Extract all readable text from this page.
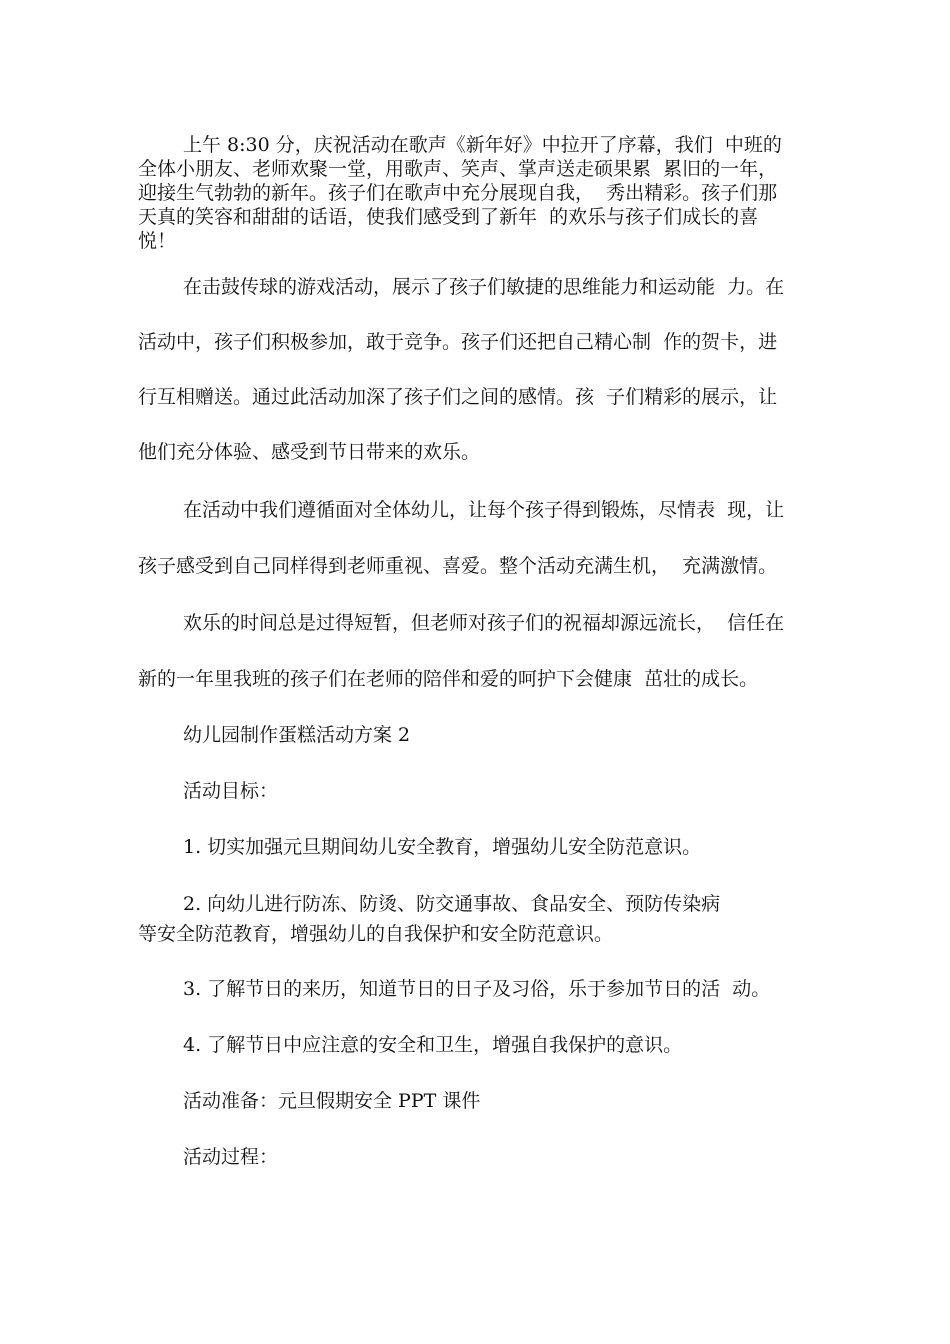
上午 8:30 分，庆祝活动在歌声《新年好》中拉开了序幕，我们  中班的
全体小朋友、老师欢聚一堂，用歌声、笑声、掌声送走硕果累  累旧的一年，
迎接生气勃勃的新年。孩子们在歌声中充分展现自我，  秀出精彩。孩子们那
天真的笑容和甜甜的话语，使我们感受到了新年  的欢乐与孩子们成长的喜
悦！
在击鼓传球的游戏活动，展示了孩子们敏捷的思维能力和运动能  力。在
活动中，孩子们积极参加，敢于竞争。孩子们还把自己精心制  作的贺卡，进
行互相赠送。通过此活动加深了孩子们之间的感情。孩  子们精彩的展示，让
他们充分体验、感受到节日带来的欢乐。
在活动中我们遵循面对全体幼儿，让每个孩子得到锻炼，尽情表  现，让
孩子感受到自己同样得到老师重视、喜爱。整个活动充满生机，  充满激情。
欢乐的时间总是过得短暂，但老师对孩子们的祝福却源远流长，  信任在
新的一年里我班的孩子们在老师的陪伴和爱的呵护下会健康  茁壮的成长。
幼儿园制作蛋糕活动方案 2
活动目标：
1. 切实加强元旦期间幼儿安全教育，增强幼儿安全防范意识。
2. 向幼儿进行防冻、防烫、防交通事故、食品安全、预防传染病
等安全防范教育，增强幼儿的自我保护和安全防范意识。
3. 了解节日的来历，知道节日的日子及习俗，乐于参加节日的活  动。
4. 了解节日中应注意的安全和卫生，增强自我保护的意识。
活动准备：元旦假期安全 PPT 课件
活动过程：
